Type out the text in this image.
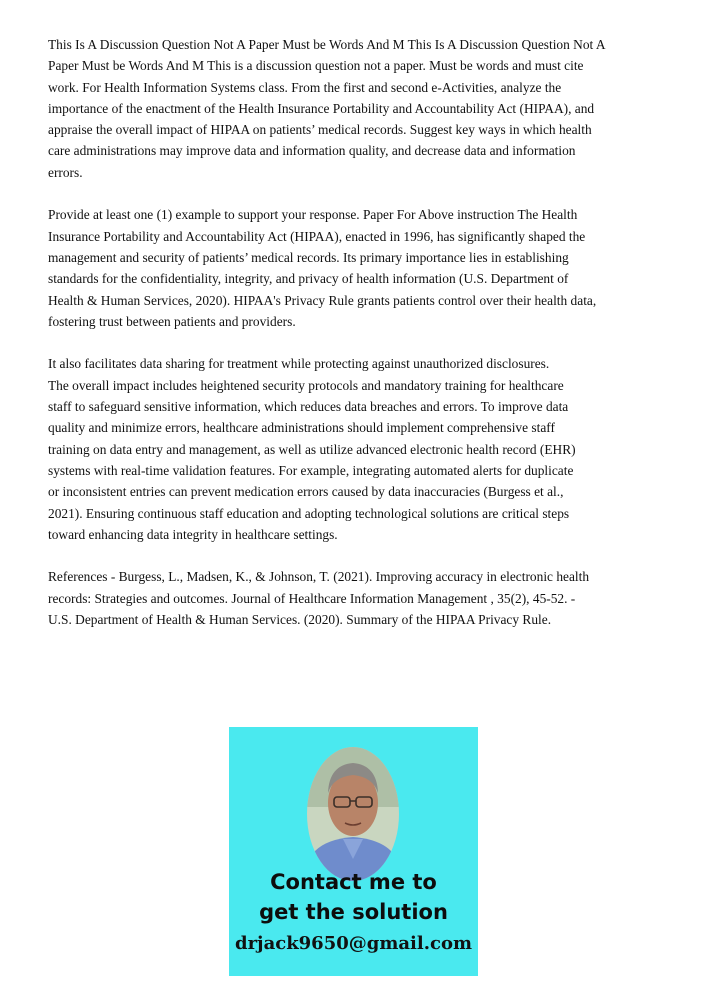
This Is A Discussion Question Not A Paper Must be Words And M This Is A Discussion Question Not A
Paper Must be Words And M This is a discussion question not a paper. Must be words and must cite
work. For Health Information Systems class. From the first and second e-Activities, analyze the
importance of the enactment of the Health Insurance Portability and Accountability Act (HIPAA), and
appraise the overall impact of HIPAA on patients’ medical records. Suggest key ways in which health
care administrations may improve data and information quality, and decrease data and information
errors.

Provide at least one (1) example to support your response. Paper For Above instruction The Health
Insurance Portability and Accountability Act (HIPAA), enacted in 1996, has significantly shaped the
management and security of patients’ medical records. Its primary importance lies in establishing
standards for the confidentiality, integrity, and privacy of health information (U.S. Department of
Health & Human Services, 2020). HIPAA's Privacy Rule grants patients control over their health data,
fostering trust between patients and providers.

It also facilitates data sharing for treatment while protecting against unauthorized disclosures.
The overall impact includes heightened security protocols and mandatory training for healthcare
staff to safeguard sensitive information, which reduces data breaches and errors. To improve data
quality and minimize errors, healthcare administrations should implement comprehensive staff
training on data entry and management, as well as utilize advanced electronic health record (EHR)
systems with real-time validation features. For example, integrating automated alerts for duplicate
or inconsistent entries can prevent medication errors caused by data inaccuracies (Burgess et al.,
2021). Ensuring continuous staff education and adopting technological solutions are critical steps
toward enhancing data integrity in healthcare settings.

References - Burgess, L., Madsen, K., & Johnson, T. (2021). Improving accuracy in electronic health
records: Strategies and outcomes. Journal of Healthcare Information Management , 35(2), 45-52. -
U.S. Department of Health & Human Services. (2020). Summary of the HIPAA Privacy Rule.

Contact me to
get the solution
drjack9650@gmail.com
